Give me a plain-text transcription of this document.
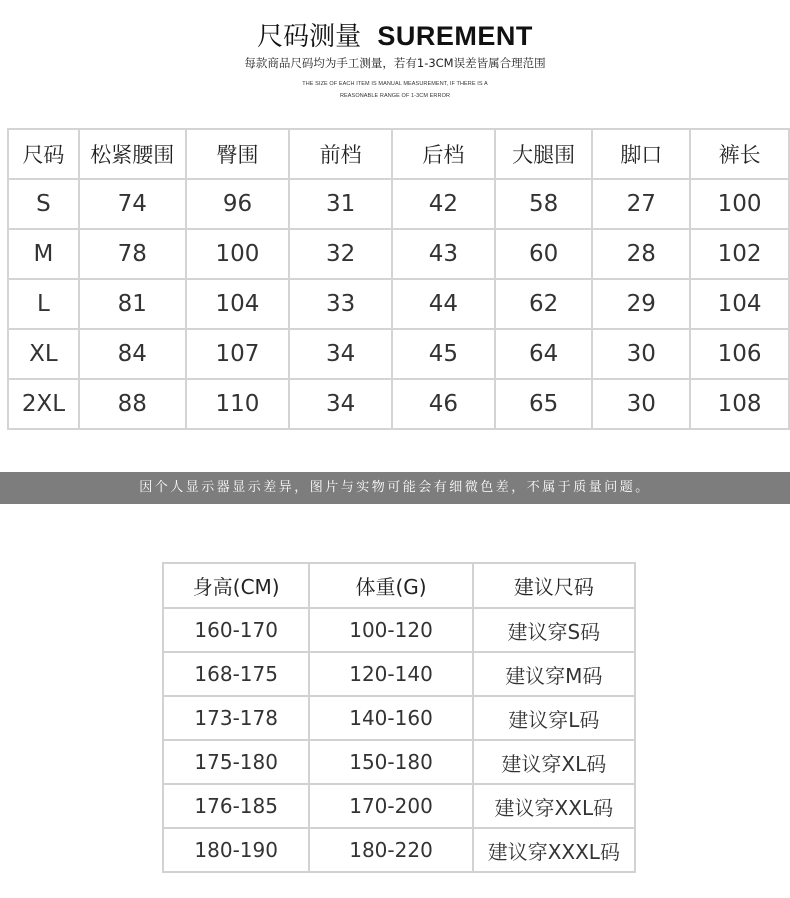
尺码测量 SUREMENT
每款商品尺码均为手工测量，若有1-3CM误差皆属合理范围
THE SIZE OF EACH ITEM IS MANUAL MEASUREMENT, IF THERE IS A
REASONABLE RANGE OF 1-3CM ERROR
尺码	松紧腰围	臀围	前档	后档	大腿围	脚口	裤长
S	74	96	31	42	58	27	100
M	78	100	32	43	60	28	102
L	81	104	33	44	62	29	104
XL	84	107	34	45	64	30	106
2XL	88	110	34	46	65	30	108
因个人显示器显示差异，图片与实物可能会有细微色差，不属于质量问题。
身高(CM)	体重(G)	建议尺码
160-170	100-120	建议穿S码
168-175	120-140	建议穿M码
173-178	140-160	建议穿L码
175-180	150-180	建议穿XL码
176-185	170-200	建议穿XXL码
180-190	180-220	建议穿XXXL码
